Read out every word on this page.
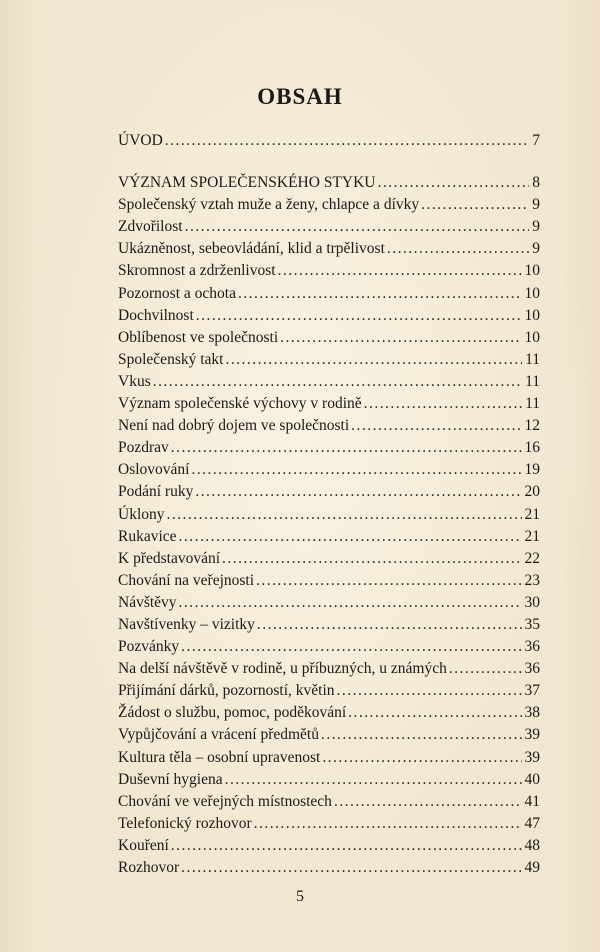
OBSAH
ÚVOD . . .	7
VÝZNAM SPOLEČENSKÉHO STYKU . . .	8
Společenský vztah muže a ženy, chlapce a dívky . . .	9
Zdvořilost . . .	9
Ukázněnost, sebeovládání, klid a trpělivost . . .	9
Skromnost a zdrženlivost . . .	10
Pozornost a ochota . . .	10
Dochvilnost . . .	10
Oblíbenost ve společnosti . . .	10
Společenský takt . . .	11
Vkus . . .	11
Význam společenské výchovy v rodině . . .	11
Není nad dobrý dojem ve společnosti . . .	12
Pozdrav . . .	16
Oslovování . . .	19
Podání ruky . . .	20
Úklony . . .	21
Rukavice . . .	21
K představování . . .	22
Chování na veřejnosti . . .	23
Návštěvy . . .	30
Navštívenky – vizitky . . .	35
Pozvánky . . .	36
Na delší návštěvě v rodině, u příbuzných, u známých . . .	36
Přijímání dárků, pozorností, květin . . .	37
Žádost o službu, pomoc, poděkování . . .	38
Vypůjčování a vrácení předmětů . . .	39
Kultura těla – osobní upravenost . . .	39
Duševní hygiena . . .	40
Chování ve veřejných místnostech . . .	41
Telefonický rozhovor . . .	47
Kouření . . .	48
Rozhovor . . .	49
5
